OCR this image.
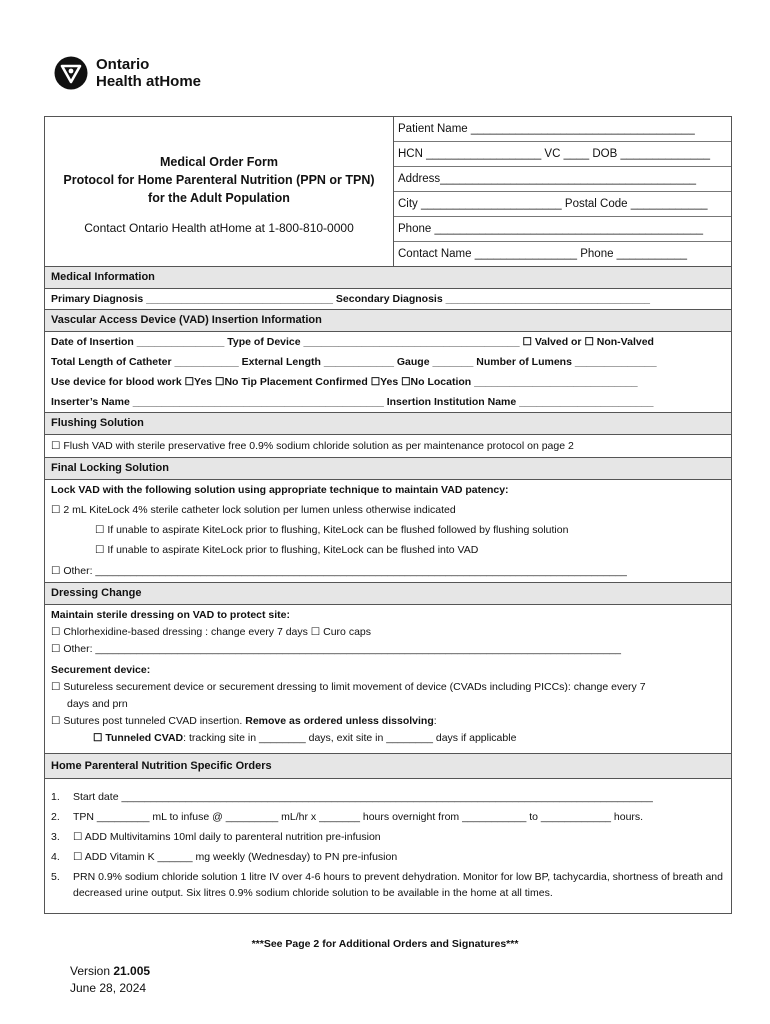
Ontario
Health atHome
Medical Order Form
Protocol for Home Parenteral Nutrition (PPN or TPN)
for the Adult Population
Contact Ontario Health atHome at 1-800-810-0000
Patient Name ___________________________________
HCN __________________ VC ____ DOB ______________
Address________________________________________
City ______________________ Postal Code ____________
Phone __________________________________________
Contact Name ________________ Phone ___________
Medical Information
Primary Diagnosis ________________________________ Secondary Diagnosis ___________________________________
Vascular Access Device (VAD) Insertion Information
Date of Insertion _______________ Type of Device _____________________________________ ☐ Valved or ☐ Non-Valved
Total Length of Catheter ___________ External Length ____________ Gauge _______ Number of Lumens ______________
Use device for blood work ☐Yes ☐No Tip Placement Confirmed ☐Yes ☐No Location ____________________________
Inserter’s Name ___________________________________________ Insertion Institution Name _______________________
Flushing Solution
☐ Flush VAD with sterile preservative free 0.9% sodium chloride solution as per maintenance protocol on page 2
Final Locking Solution
Lock VAD with the following solution using appropriate technique to maintain VAD patency:
☐ 2 mL KiteLock 4% sterile catheter lock solution per lumen unless otherwise indicated
☐ If unable to aspirate KiteLock prior to flushing, KiteLock can be flushed followed by flushing solution
☐ If unable to aspirate KiteLock prior to flushing, KiteLock can be flushed into VAD
☐ Other: ___________________________________________________________________________________________
Dressing Change
Maintain sterile dressing on VAD to protect site:
☐ Chlorhexidine-based dressing : change every 7 days ☐ Curo caps
☐ Other: __________________________________________________________________________________________
Securement device:
☐ Sutureless securement device or securement dressing to limit movement of device (CVADs including PICCs): change every 7
days and prn
☐ Sutures post tunneled CVAD insertion. Remove as ordered unless dissolving:
☐ Tunneled CVAD: tracking site in ________ days, exit site in ________ days if applicable
Home Parenteral Nutrition Specific Orders
1.	Start date ___________________________________________________________________________________________
2.	TPN _________ mL to infuse @ _________ mL/hr x _______ hours overnight from ___________ to ____________ hours.
3.	☐ ADD Multivitamins 10ml daily to parenteral nutrition pre-infusion
4.	☐ ADD Vitamin K ______ mg weekly (Wednesday) to PN pre-infusion
5.	PRN 0.9% sodium chloride solution 1 litre IV over 4-6 hours to prevent dehydration. Monitor for low BP, tachycardia, shortness of breath and decreased urine output. Six litres 0.9% sodium chloride solution to be available in the home at all times.
***See Page 2 for Additional Orders and Signatures***
Version 21.005
June 28, 2024
